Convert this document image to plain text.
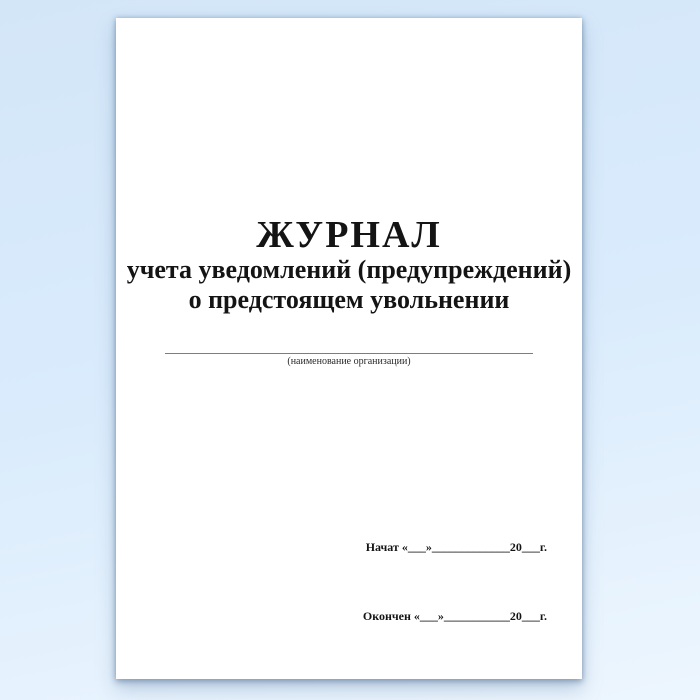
ЖУРНАЛ
учета уведомлений (предупреждений)
о предстоящем увольнении
(наименование организации)

Начат «___»_____________20___г.

Окончен «___»___________20___г.
